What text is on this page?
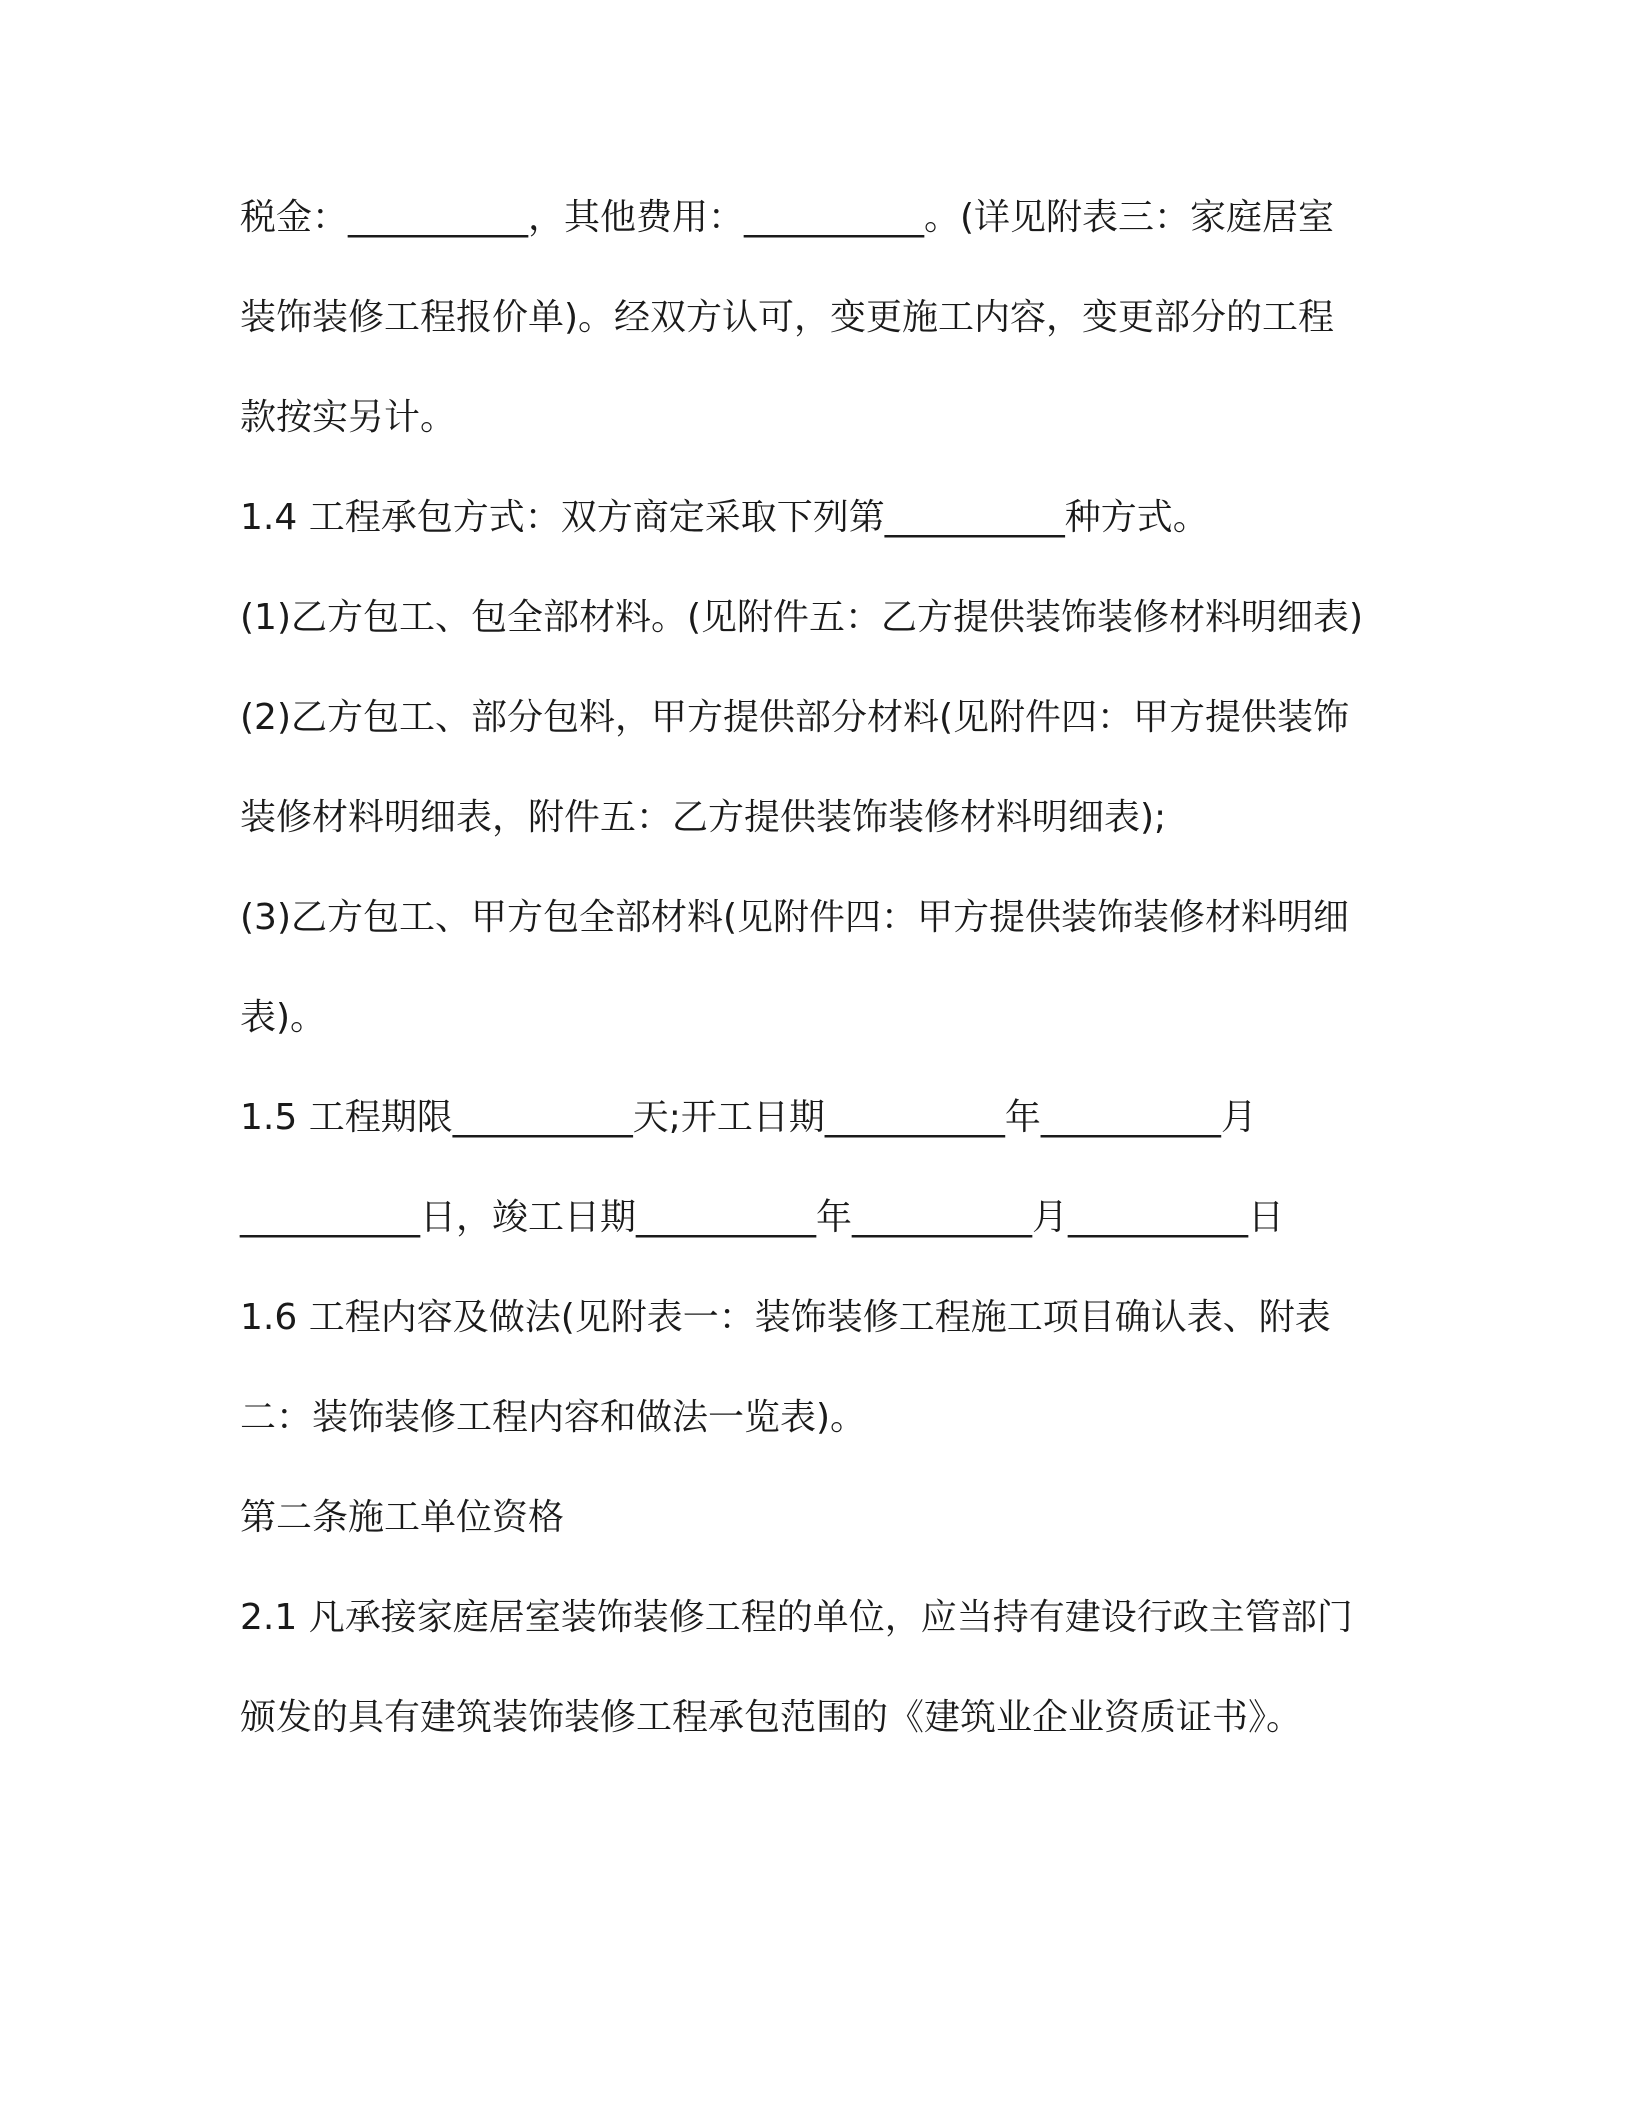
税金：__________，其他费用：__________。(详见附表三：家庭居室
装饰装修工程报价单)。经双方认可，变更施工内容，变更部分的工程
款按实另计。
1.4 工程承包方式：双方商定采取下列第__________种方式。
(1)乙方包工、包全部材料。(见附件五：乙方提供装饰装修材料明细表)
(2)乙方包工、部分包料，甲方提供部分材料(见附件四：甲方提供装饰
装修材料明细表，附件五：乙方提供装饰装修材料明细表);
(3)乙方包工、甲方包全部材料(见附件四：甲方提供装饰装修材料明细
表)。
1.5 工程期限__________天;开工日期__________年__________月
__________日，竣工日期__________年__________月__________日
1.6 工程内容及做法(见附表一：装饰装修工程施工项目确认表、附表
二：装饰装修工程内容和做法一览表)。
第二条施工单位资格
2.1 凡承接家庭居室装饰装修工程的单位，应当持有建设行政主管部门
颁发的具有建筑装饰装修工程承包范围的《建筑业企业资质证书》。
